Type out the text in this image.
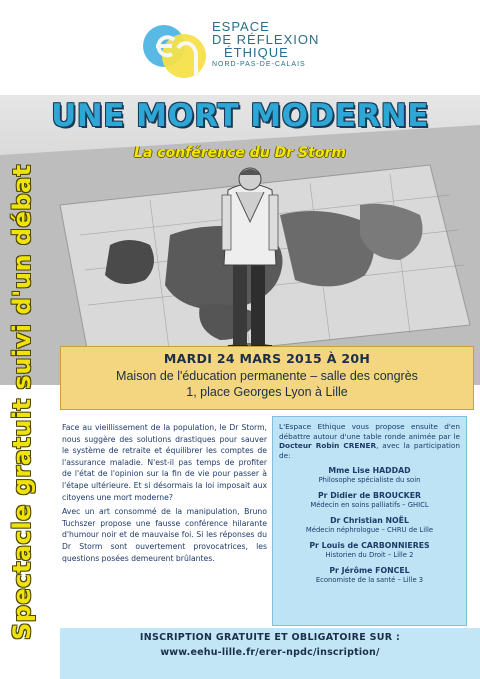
ESPACE
DE RÉFLEXION
ÉTHIQUE
NORD-PAS-DE-CALAIS
UNE MORT MODERNE
La conférence du Dr Storm
Spectacle gratuit suivi d'un débat	MARDI 24 MARS 2015 À 20H
Maison de l'éducation permanente – salle des congrès
1, place Georges Lyon à Lille

Face au vieillissement de la population, le Dr Storm, nous suggère des solutions drastiques pour sauver le système de retraite et équilibrer les comptes de l'assurance maladie. N'est-il pas temps de profiter de l'état de l'opinion sur la fin de vie pour passer à l'étape ultérieure. Et si désormais la loi imposait aux citoyens une mort moderne?

Avec un art consommé de la manipulation, Bruno Tuchszer propose une fausse conférence hilarante d'humour noir et de mauvaise foi. Si les réponses du Dr Storm sont ouvertement provocatrices, les questions posées demeurent brûlantes.

L'Espace Ethique vous propose ensuite d'en débattre autour d'une table ronde animée par le Docteur Robin CRENER, avec la participation de:
Mme Lise HADDAD
Philosophe spécialiste du soin
Pr Didier de BROUCKER
Médecin en soins palliatifs – GHICL
Dr Christian NOËL
Médecin néphrologue – CHRU de Lille
Pr Louis de CARBONNIERES
Historien du Droit – Lille 2
Pr Jérôme FONCEL
Economiste de la santé – Lille 3
INSCRIPTION GRATUITE ET OBLIGATOIRE SUR :
www.eehu-lille.fr/erer-npdc/inscription/
